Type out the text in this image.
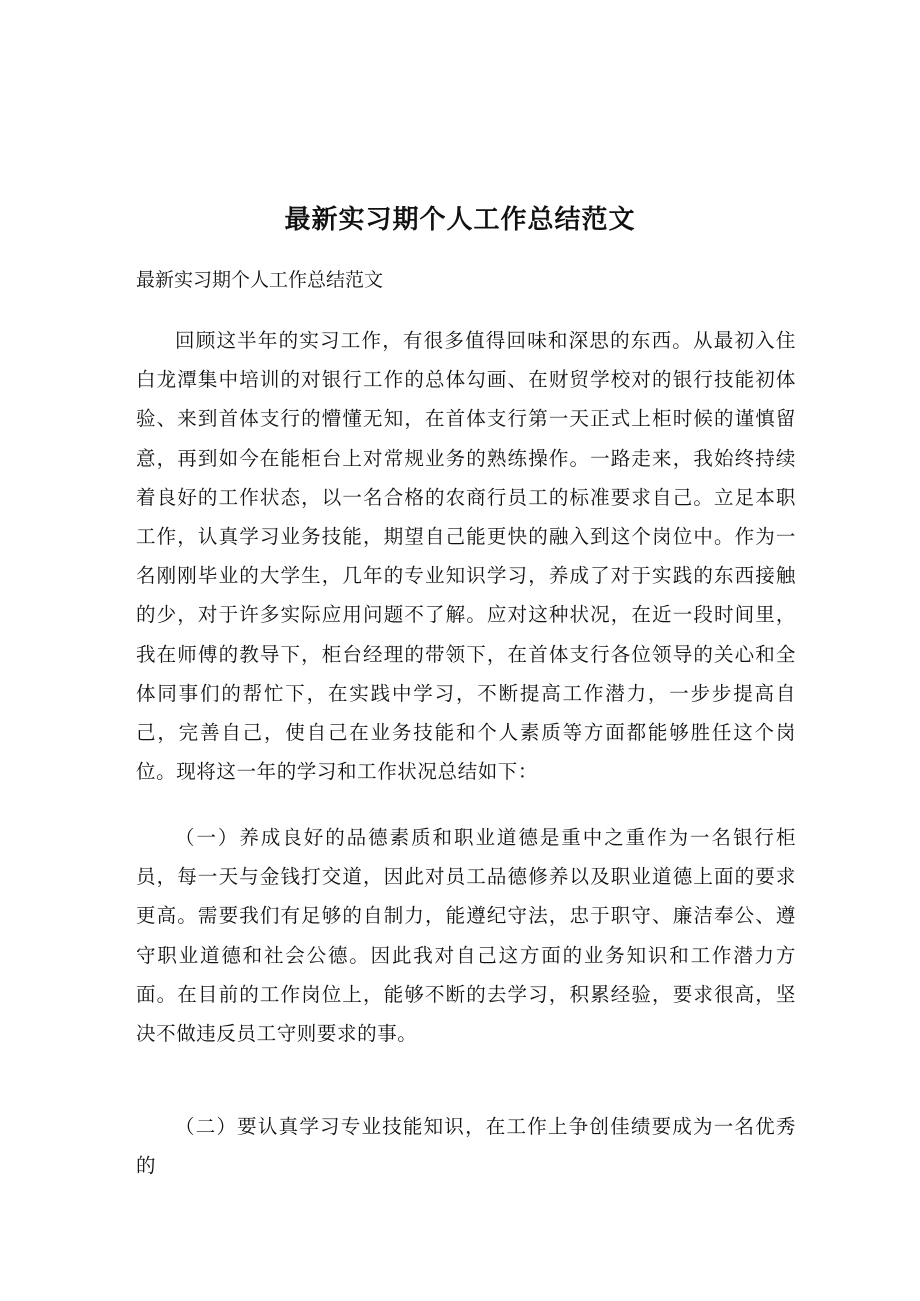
最新实习期个人工作总结范文

最新实习期个人工作总结范文

回顾这半年的实习工作，有很多值得回味和深思的东西。从最初入住白龙潭集中培训的对银行工作的总体勾画、在财贸学校对的银行技能初体验、来到首体支行的懵懂无知，在首体支行第一天正式上柜时候的谨慎留意，再到如今在能柜台上对常规业务的熟练操作。一路走来，我始终持续着良好的工作状态，以一名合格的农商行员工的标准要求自己。立足本职工作，认真学习业务技能，期望自己能更快的融入到这个岗位中。作为一名刚刚毕业的大学生，几年的专业知识学习，养成了对于实践的东西接触的少，对于许多实际应用问题不了解。应对这种状况，在近一段时间里，我在师傅的教导下，柜台经理的带领下，在首体支行各位领导的关心和全体同事们的帮忙下，在实践中学习，不断提高工作潜力，一步步提高自己，完善自己，使自己在业务技能和个人素质等方面都能够胜任这个岗位。现将这一年的学习和工作状况总结如下：

（一）养成良好的品德素质和职业道德是重中之重作为一名银行柜员，每一天与金钱打交道，因此对员工品德修养以及职业道德上面的要求更高。需要我们有足够的自制力，能遵纪守法，忠于职守、廉洁奉公、遵守职业道德和社会公德。因此我对自己这方面的业务知识和工作潜力方面。在目前的工作岗位上，能够不断的去学习，积累经验，要求很高，坚决不做违反员工守则要求的事。

（二）要认真学习专业技能知识，在工作上争创佳绩要成为一名优秀的
